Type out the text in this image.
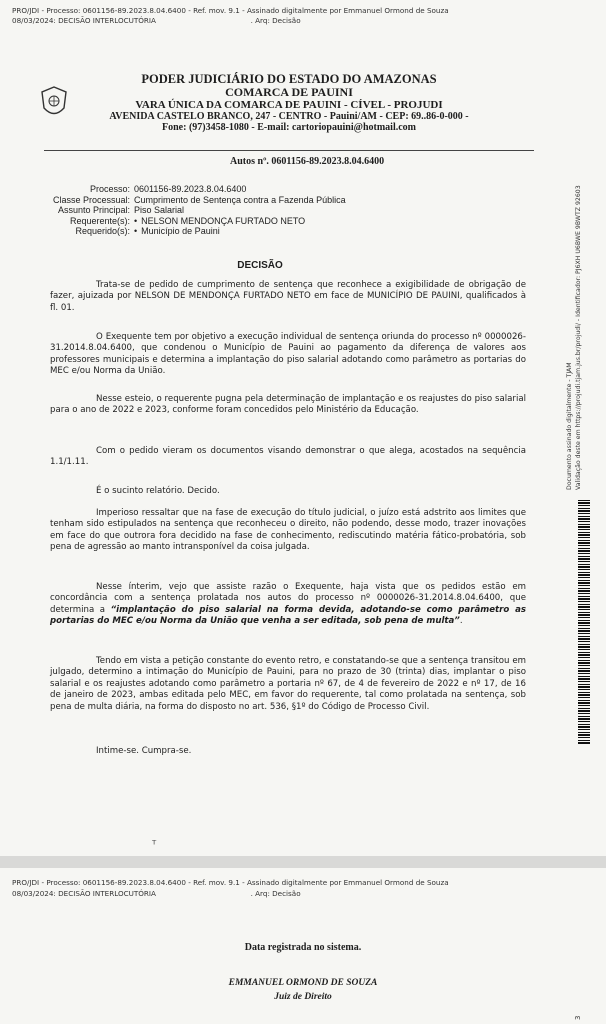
PRO/JDI - Processo: 0601156-89.2023.8.04.6400 - Ref. mov. 9.1 - Assinado digitalmente por Emmanuel Ormond de Souza
08/03/2024: DECISÃO INTERLOCUTÓRIA	. Arq: Decisão
PODER JUDICIÁRIO DO ESTADO DO AMAZONAS
COMARCA DE PAUINI
VARA ÚNICA DA COMARCA DE PAUINI - CÍVEL - PROJUDI
AVENIDA CASTELO BRANCO, 247 - CENTRO - Pauini/AM - CEP: 69..86-0-000 -
Fone: (97)3458-1080 - E-mail: cartoriopauini@hotmail.com
Autos nº. 0601156-89.2023.8.04.6400
Processo: 0601156-89.2023.8.04.6400
Classe Processual: Cumprimento de Sentença contra a Fazenda Pública
Assunto Principal: Piso Salarial
Requerente(s): • NELSON MENDONÇA FURTADO NETO
Requerido(s): • Município de Pauini
DECISÃO
Trata-se de pedido de cumprimento de sentença que reconhece a exigibilidade de obrigação de fazer, ajuizada por NELSON DE MENDONÇA FURTADO NETO em face de MUNICÍPIO DE PAUINI, qualificados à fl. 01.
O Exequente tem por objetivo a execução individual de sentença oriunda do processo nº 0000026-31.2014.8.04.6400, que condenou o Município de Pauini ao pagamento da diferença de valores aos professores municipais e determina a implantação do piso salarial adotando como parâmetro as portarias do MEC e/ou Norma da União.
Nesse esteio, o requerente pugna pela determinação de implantação e os reajustes do piso salarial para o ano de 2022 e 2023, conforme foram concedidos pelo Ministério da Educação.
Com o pedido vieram os documentos visando demonstrar o que alega, acostados na sequência 1.1/1.11.
É o sucinto relatório. Decido.
Imperioso ressaltar que na fase de execução do título judicial, o juízo está adstrito aos limites que tenham sido estipulados na sentença que reconheceu o direito, não podendo, desse modo, trazer inovações em face do que outrora fora decidido na fase de conhecimento, rediscutindo matéria fático-probatória, sob pena de agressão ao manto intransponível da coisa julgada.
Nesse ínterim, vejo que assiste razão o Exequente, haja vista que os pedidos estão em concordância com a sentença prolatada nos autos do processo nº 0000026-31.2014.8.04.6400, que determina a “implantação do piso salarial na forma devida, adotando-se como parâmetro as portarias do MEC e/ou Norma da União que venha a ser editada, sob pena de multa”.
Tendo em vista a petição constante do evento retro, e constatando-se que a sentença transitou em julgado, determino a intimação do Município de Pauini, para no prazo de 30 (trinta) dias, implantar o piso salarial e os reajustes adotando como parâmetro a portaria nº 67, de 4 de fevereiro de 2022 e nº 17, de 16 de janeiro de 2023, ambas editada pelo MEC, em favor do requerente, tal como prolatada na sentença, sob pena de multa diária, na forma do disposto no art. 536, §1º do Código de Processo Civil.
Intime-se. Cumpra-se.
ᵀ
Documento assinado digitalmente - TJAM Validação deste em https://projudi.tjam.jus.br/projudi/ - Identificador: PJ6XH U6BWE 9BWTZ 92603
PRO/JDI - Processo: 0601156-89.2023.8.04.6400 - Ref. mov. 9.1 - Assinado digitalmente por Emmanuel Ormond de Souza
08/03/2024: DECISÃO INTERLOCUTÓRIA	. Arq: Decisão
Data registrada no sistema.
EMMANUEL ORMOND DE SOUZA
Juiz de Direito
3
